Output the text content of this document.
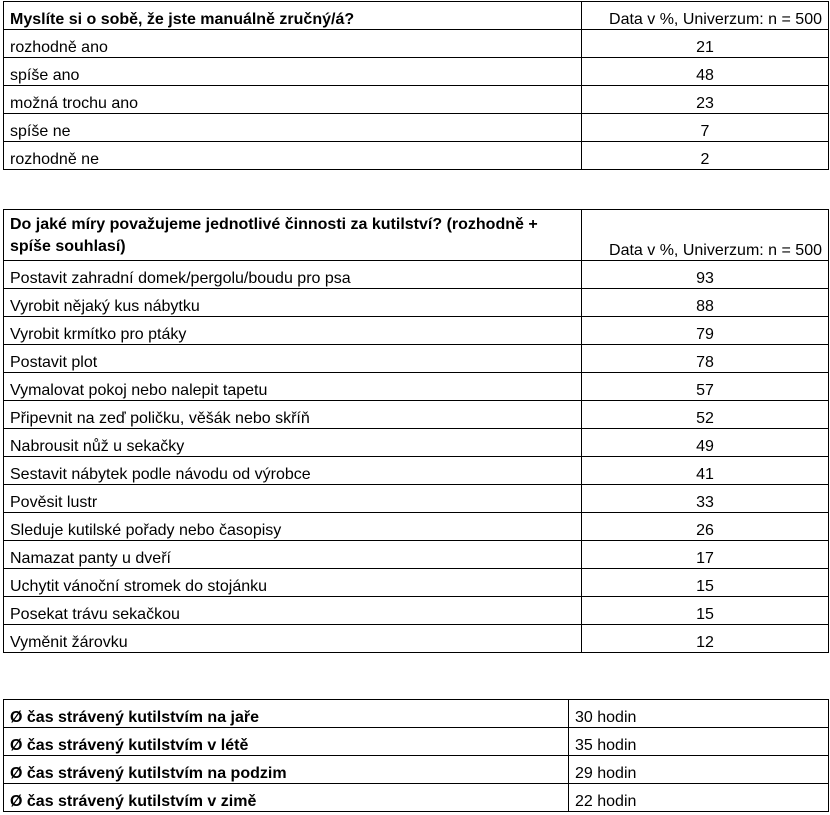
Myslíte si o sobě, že jste manuálně zručný/á?	Data v %, Univerzum: n = 500
rozhodně ano	21
spíše ano	48
možná trochu ano	23
spíše ne	7
rozhodně ne	2
Do jaké míry považujeme jednotlivé činnosti za kutilství? (rozhodně + spíše souhlasí)	Data v %, Univerzum: n = 500
Postavit zahradní domek/pergolu/boudu pro psa	93
Vyrobit nějaký kus nábytku	88
Vyrobit krmítko pro ptáky	79
Postavit plot	78
Vymalovat pokoj nebo nalepit tapetu	57
Připevnit na zeď poličku, věšák nebo skříň	52
Nabrousit nůž u sekačky	49
Sestavit nábytek podle návodu od výrobce	41
Pověsit lustr	33
Sleduje kutilské pořady nebo časopisy	26
Namazat panty u dveří	17
Uchytit vánoční stromek do stojánku	15
Posekat trávu sekačkou	15
Vyměnit žárovku	12

Ø čas strávený kutilstvím na jaře	30 hodin
Ø čas strávený kutilstvím v létě	35 hodin
Ø čas strávený kutilstvím na podzim	29 hodin
Ø čas strávený kutilstvím v zimě	22 hodin
